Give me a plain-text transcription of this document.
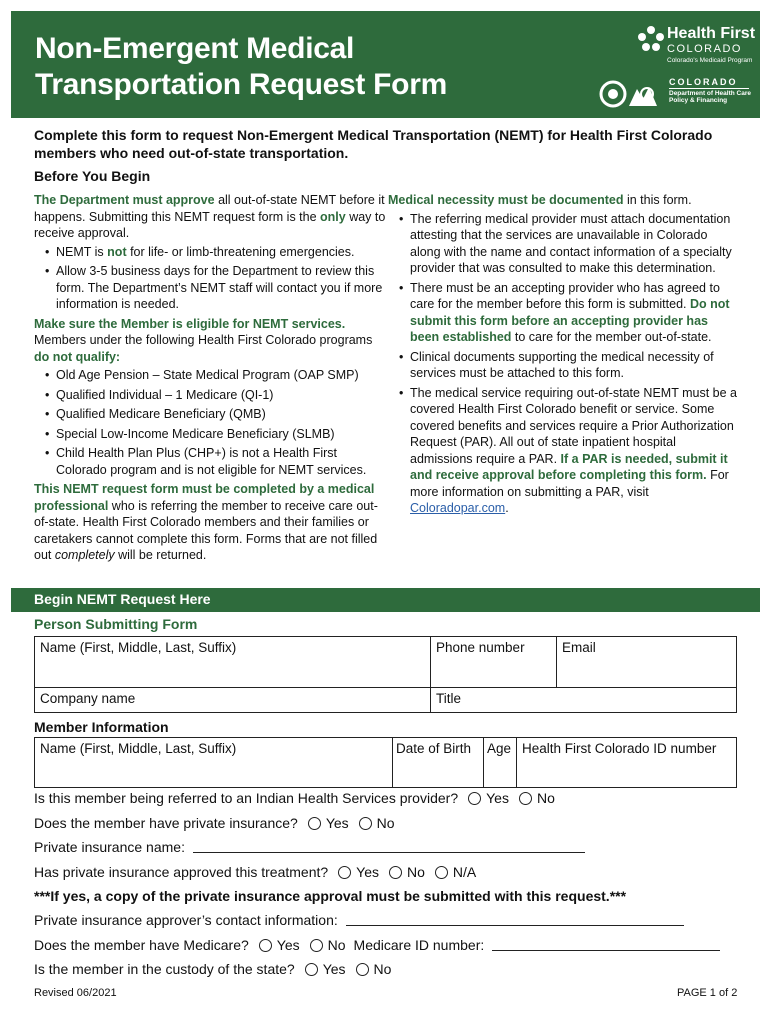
Non-Emergent Medical
Transportation Request Form
Health First
COLORADO
Colorado's Medicaid Program
COLORADO
Department of Health Care
Policy & Financing
Complete this form to request Non-Emergent Medical Transportation (NEMT) for Health First Colorado members who need out-of-state transportation.
Before You Begin

The Department must approve all out-of-state NEMT before it happens. Submitting this NEMT request form is the only way to receive approval.

• NEMT is not for life- or limb-threatening emergencies.
• Allow 3-5 business days for the Department to review this form. The Department’s NEMT staff will contact you if more information is needed.

Make sure the Member is eligible for NEMT services.
Members under the following Health First Colorado programs do not qualify:

• Old Age Pension – State Medical Program (OAP SMP)
• Qualified Individual – 1 Medicare (QI-1)
• Qualified Medicare Beneficiary (QMB)
• Special Low-Income Medicare Beneficiary (SLMB)
• Child Health Plan Plus (CHP+) is not a Health First Colorado program and is not eligible for NEMT services.

This NEMT request form must be completed by a medical professional who is referring the member to receive care out-of-state. Health First Colorado members and their families or caretakers cannot complete this form. Forms that are not filled out completely will be returned.

Medical necessity must be documented in this form.

• The referring medical provider must attach documentation attesting that the services are unavailable in Colorado along with the name and contact information of a specialty provider that was consulted to make this determination.
• There must be an accepting provider who has agreed to care for the member before this form is submitted. Do not submit this form before an accepting provider has been established to care for the member out-of-state.
• Clinical documents supporting the medical necessity of services must be attached to this form.
• The medical service requiring out-of-state NEMT must be a covered Health First Colorado benefit or service. Some covered benefits and services require a Prior Authorization Request (PAR). All out of state inpatient hospital admissions require a PAR. If a PAR is needed, submit it and receive approval before completing this form. For more information on submitting a PAR, visit Coloradopar.com.
Begin NEMT Request Here
Person Submitting Form
Name (First, Middle, Last, Suffix)	Phone number	Email
Company name	Title	
Member Information
Name (First, Middle, Last, Suffix)	Date of Birth	Age	Health First Colorado ID number
Is this member being referred to an Indian Health Services provider? Yes No
Does the member have private insurance? Yes No
Private insurance name:
Has private insurance approved this treatment? Yes No N/A
***If yes, a copy of the private insurance approval must be submitted with this request.***
Private insurance approver’s contact information:
Does the member have Medicare? Yes No Medicare ID number:
Is the member in the custody of the state? Yes No
Revised 06/2021	PAGE 1 of 2
